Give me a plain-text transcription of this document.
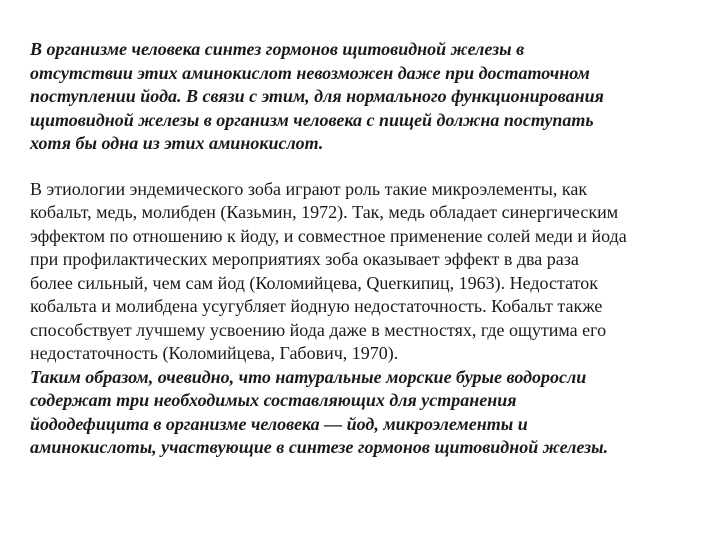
В организме человека синтез гормонов щитовидной железы в
отсутствии этих аминокислот невозможен даже при достаточном
поступлении йода. В связи с этим, для нормального функционирования
щитовидной железы в организм человека с пищей должна поступать
хотя бы одна из этих аминокислот.
В этиологии эндемического зоба играют роль такие микроэлементы, как
кобальт, медь, молибден (Казьмин, 1972). Так, медь обладает синергическим
эффектом по отношению к йоду, и совместное применение солей меди и йода
при профилактических мероприятиях зоба оказывает эффект в два раза
более сильный, чем сам йод (Коломийцева, Querкипиц, 1963). Недостаток
кобальта и молибдена усугубляет йодную недостаточность. Кобальт также
способствует лучшему усвоению йода даже в местностях, где ощутима его
недостаточность (Коломийцева, Габович, 1970).
Таким образом, очевидно, что натуральные морские бурые водоросли
содержат три необходимых составляющих для устранения
йододефицита в организме человека — йод, микроэлементы и
аминокислоты, участвующие в синтезе гормонов щитовидной железы.
